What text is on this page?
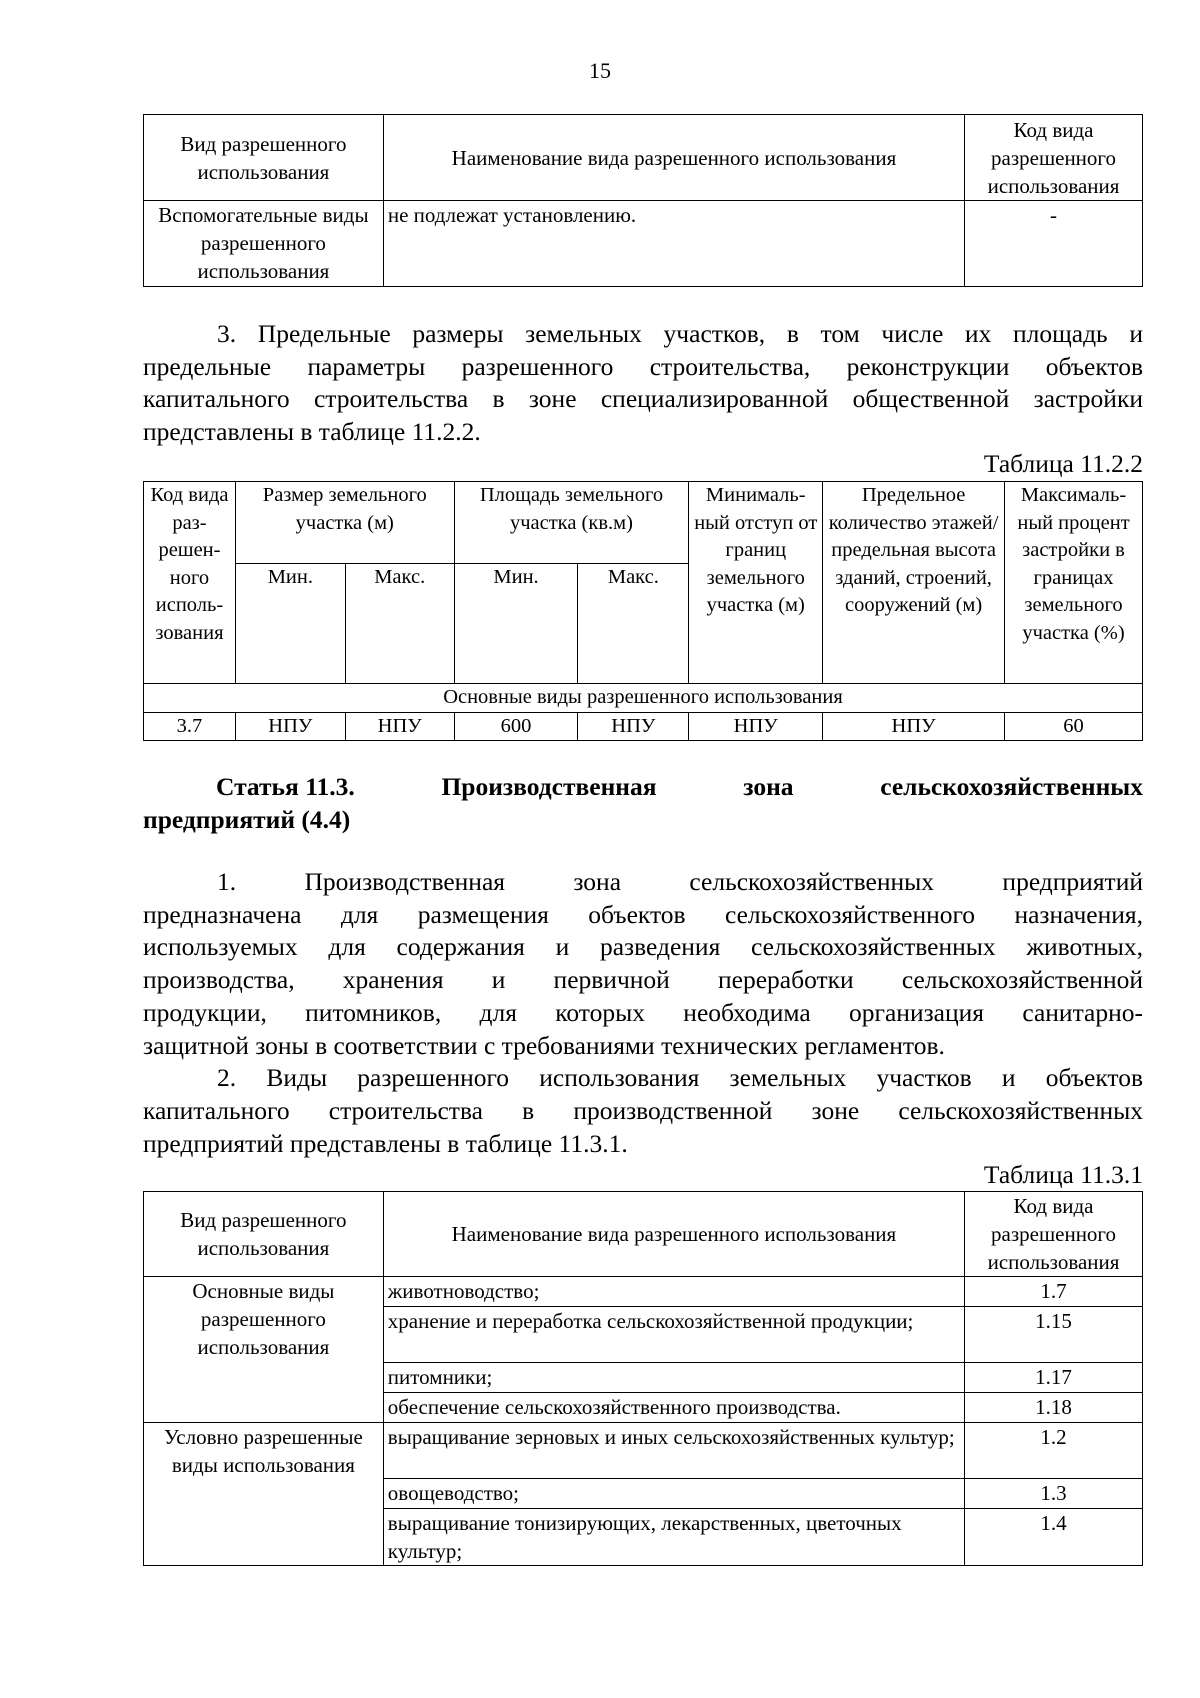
15
Вид разрешенного использования	Наименование вида разрешенного использования	Код вида разрешенного использования
Вспомогательные виды разрешенного использования	не подлежат установлению.	-
3. Предельные размеры земельных участков, в том числе их площадь и
предельные параметры разрешенного строительства, реконструкции объектов
капитального строительства в зоне специализированной общественной застройки
представлены в таблице 11.2.2.
Таблица 11.2.2
Код вида раз-решен-ного исполь-зования	Размер земельного участка (м)		Площадь земельного участка (кв.м)		Минималь-ный отступ от границ земельного участка (м)	Предельное количество этажей/ предельная высота зданий, строений, сооружений (м)	Максималь-ный процент застройки в границах земельного участка (%)
	Мин.	Макс.	Мин.	Макс.			
Основные виды разрешенного использования							
3.7	НПУ	НПУ	600	НПУ	НПУ	НПУ	60
Статья 11.3.	Производственная	зона	сельскохозяйственных
предприятий (4.4)
1. Производственная зона сельскохозяйственных предприятий
предназначена для размещения объектов сельскохозяйственного назначения,
используемых для содержания и разведения сельскохозяйственных животных,
производства, хранения и первичной переработки сельскохозяйственной
продукции, питомников, для которых необходима организация санитарно-
защитной зоны в соответствии с требованиями технических регламентов.
2. Виды разрешенного использования земельных участков и объектов
капитального строительства в производственной зоне сельскохозяйственных
предприятий представлены в таблице 11.3.1.
Таблица 11.3.1
Вид разрешенного использования	Наименование вида разрешенного использования	Код вида разрешенного использования
Основные виды разрешенного использования	животноводство;	1.7
	хранение и переработка сельскохозяйственной продукции;	1.15
	питомники;	1.17
	обеспечение сельскохозяйственного производства.	1.18
Условно разрешенные виды использования	выращивание зерновых и иных сельскохозяйственных культур;	1.2
	овощеводство;	1.3
	выращивание тонизирующих, лекарственных, цветочных культур;	1.4
